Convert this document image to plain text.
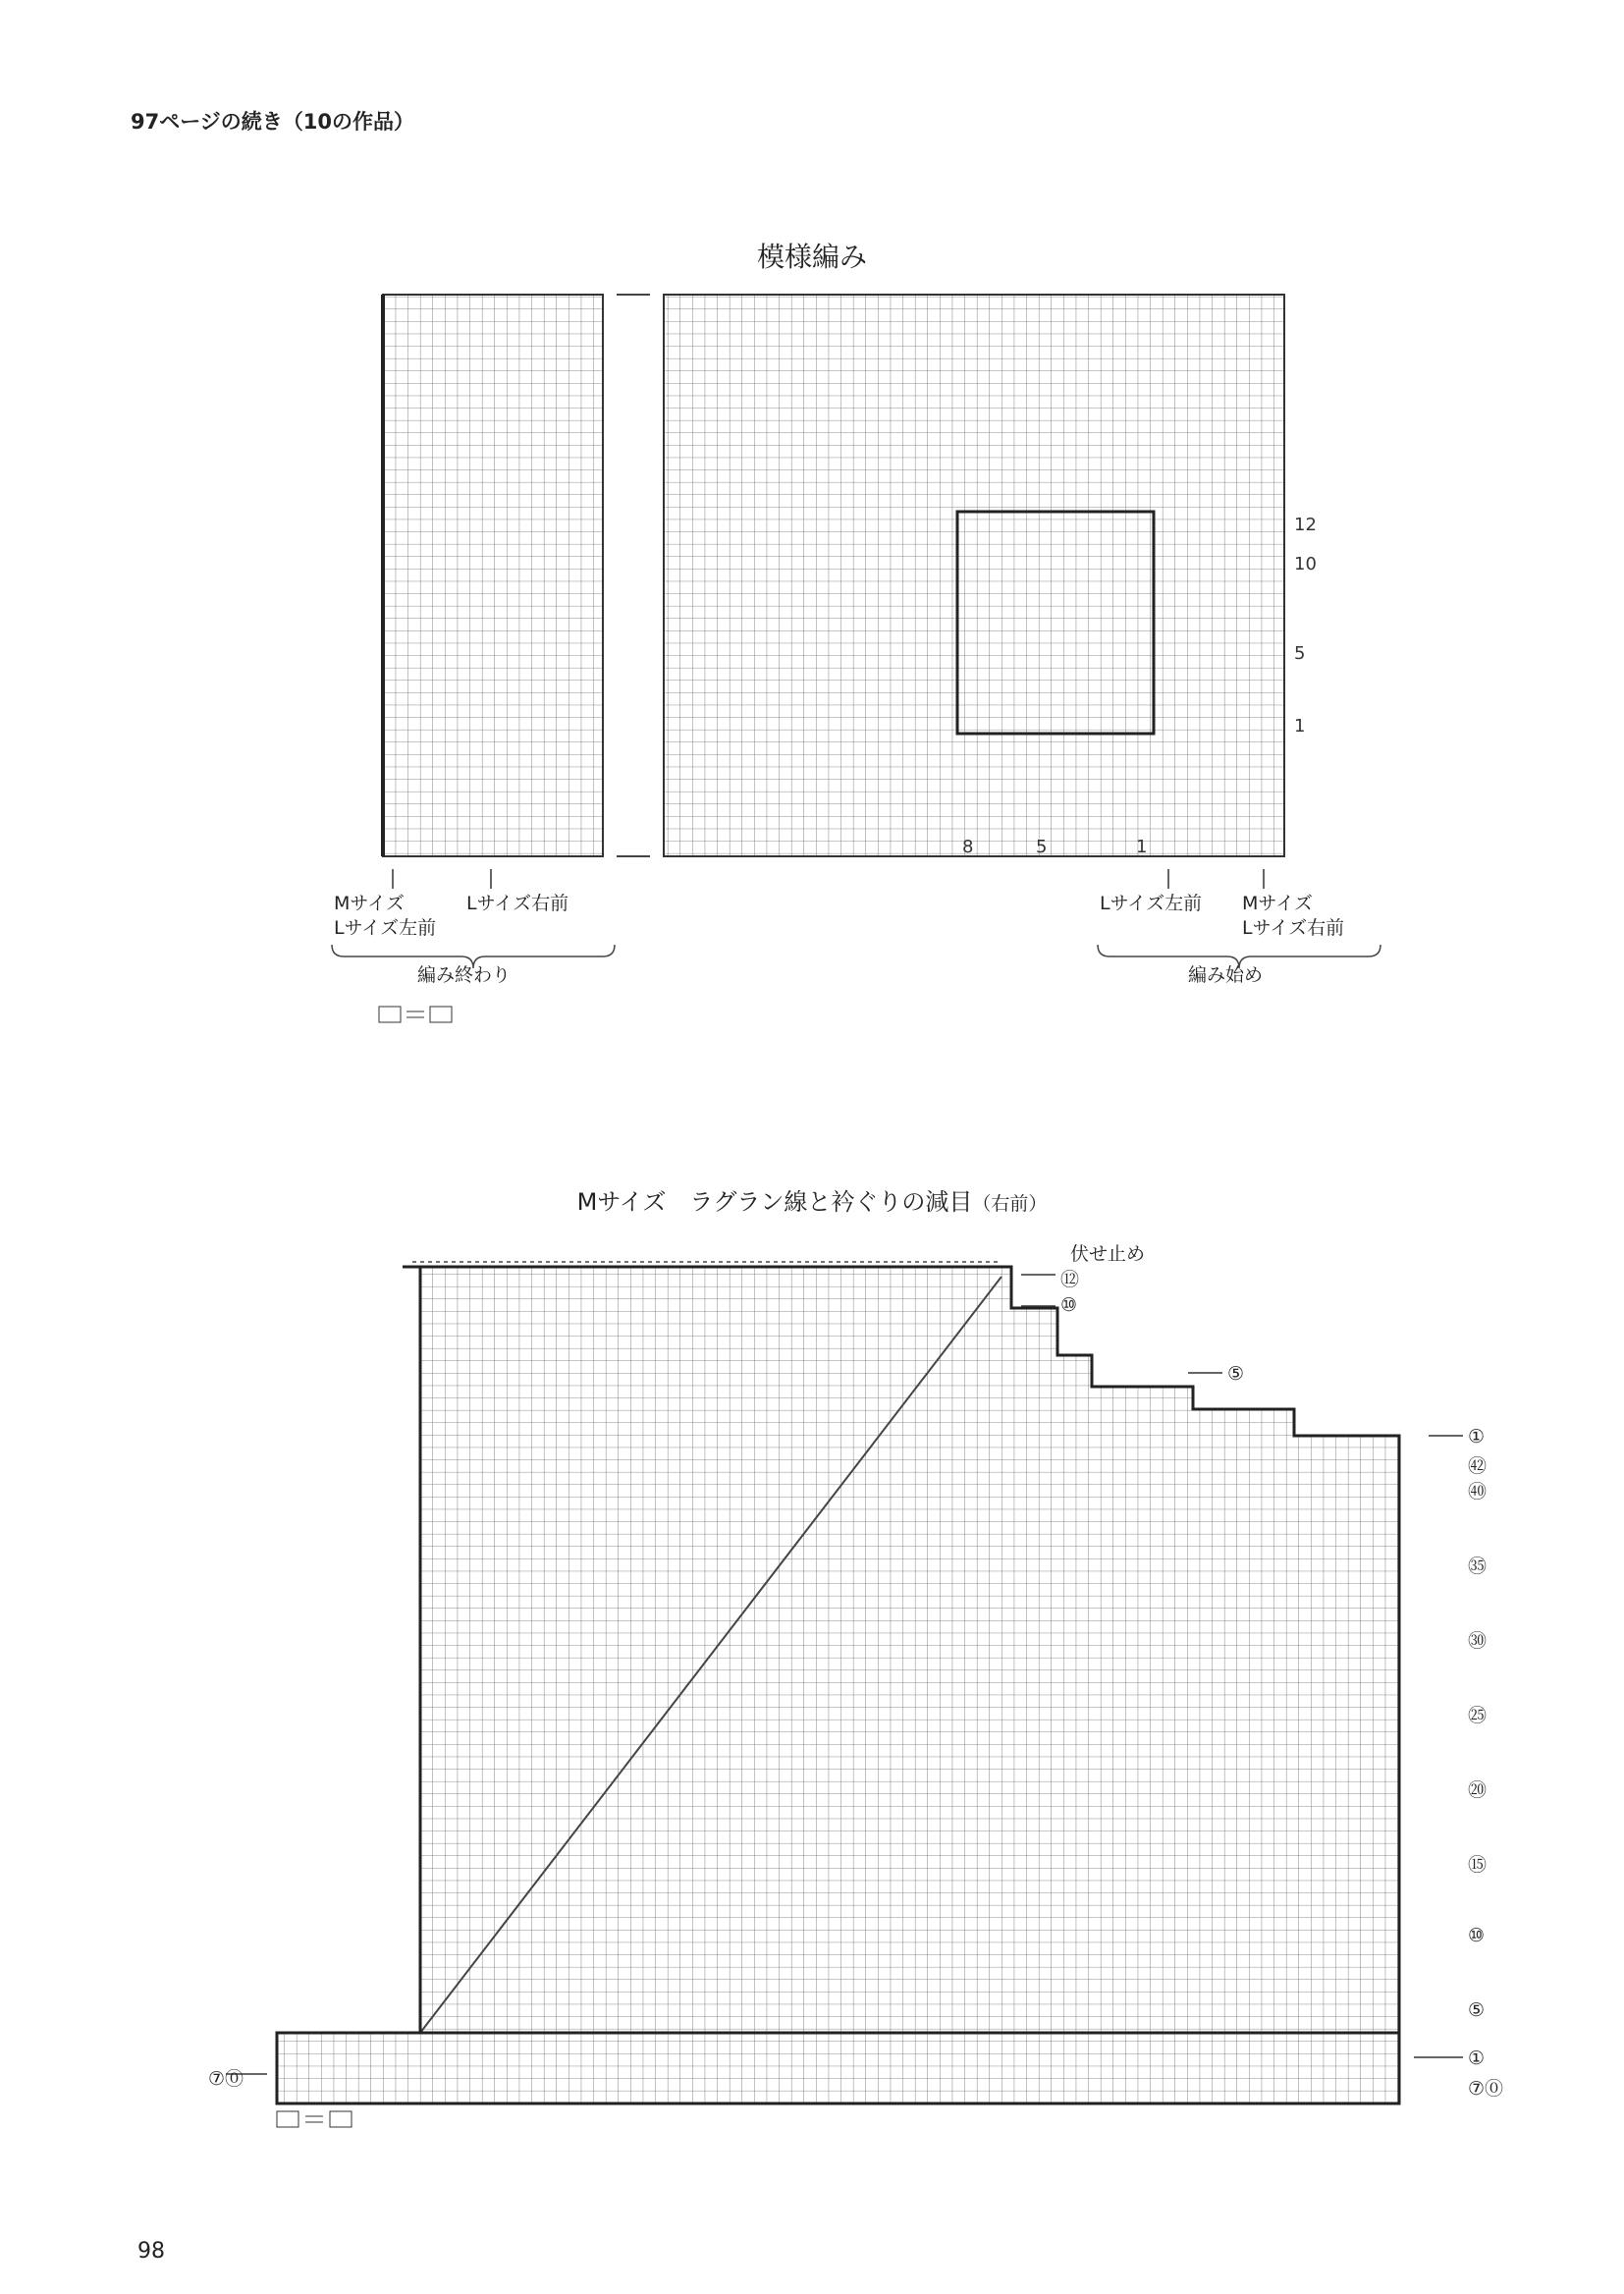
97ページの続き（10の作品）
模様編み
12
10
5
1
8	5	1
Mサイズ
Lサイズ左前
Lサイズ右前
編み終わり
Lサイズ左前 Mサイズ
Lサイズ右前
編み始め
Mサイズ　ラグラン線と衿ぐりの減目（右前）
伏せ止め
⑫
⑩
⑤
①
㊷
㊵
㉟
㉚
㉕
⑳
⑮
⑩
⑤
①
⑦⓪
⑦⓪
98
